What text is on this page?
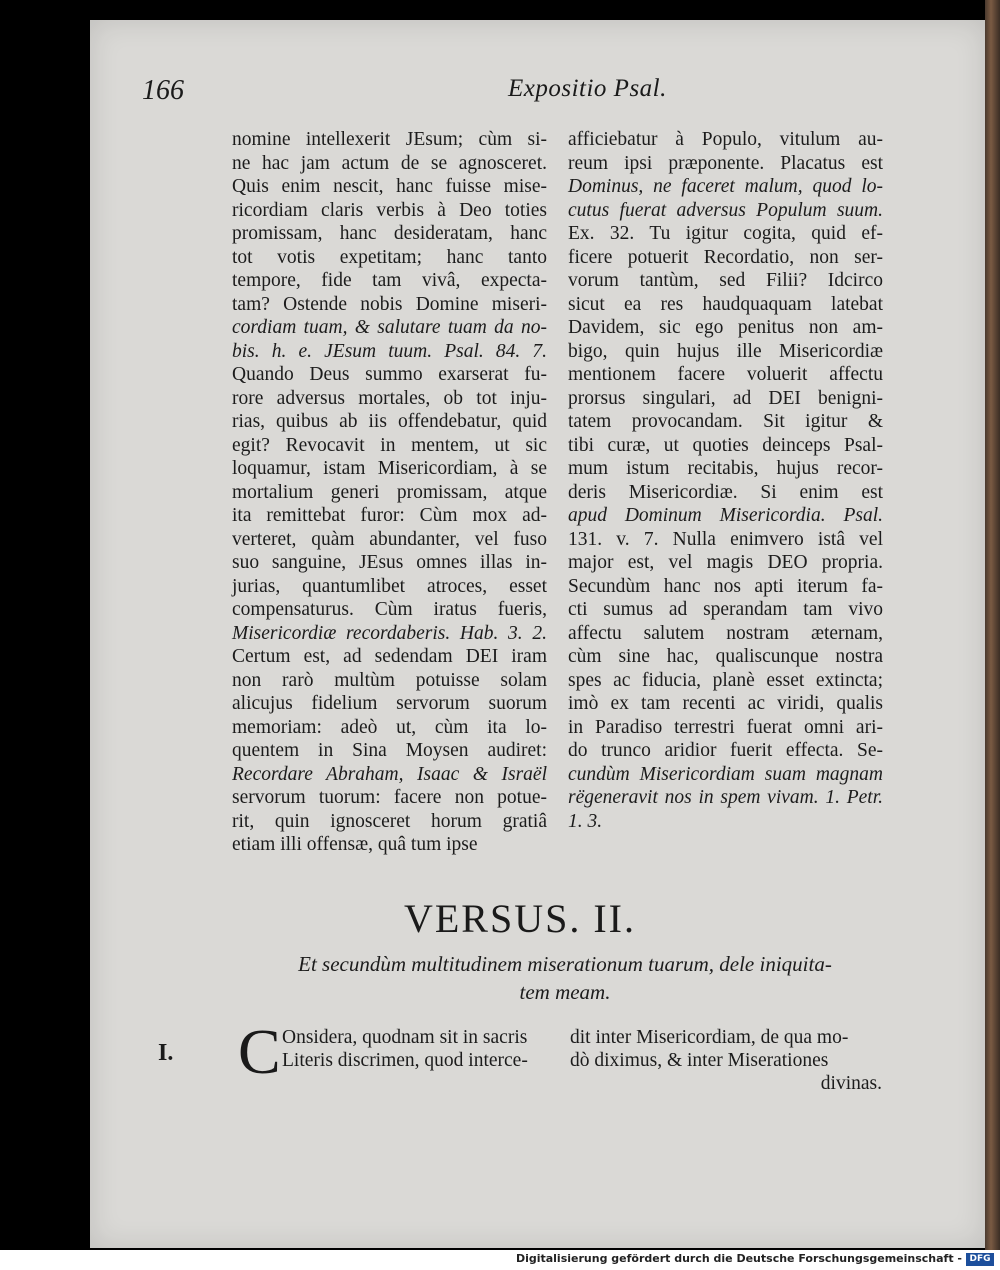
166	Expositio Psal.
nomine intellexerit JEsum; cùm si-
ne hac jam actum de se agnosceret.
Quis enim nescit, hanc fuisse mise-
ricordiam claris verbis à Deo toties
promissam, hanc desideratam, hanc
tot votis expetitam; hanc tanto
tempore, fide tam vivâ, expecta-
tam? Ostende nobis Domine miseri-
cordiam tuam, & salutare tuam da no-
bis. h. e. JEsum tuum. Psal. 84. 7.
Quando Deus summo exarserat fu-
rore adversus mortales, ob tot inju-
rias, quibus ab iis offendebatur, quid
egit? Revocavit in mentem, ut sic
loquamur, istam Misericordiam, à se
mortalium generi promissam, atque
ita remittebat furor: Cùm mox ad-
verteret, quàm abundanter, vel fuso
suo sanguine, JEsus omnes illas in-
jurias, quantumlibet atroces, esset
compensaturus. Cùm iratus fueris,
Misericordiæ recordaberis. Hab. 3. 2.
Certum est, ad sedendam DEI iram
non rarò multùm potuisse solam
alicujus fidelium servorum suorum
memoriam: adeò ut, cùm ita lo-
quentem in Sina Moysen audiret:
Recordare Abraham, Isaac & Israël
servorum tuorum: facere non potue-
rit, quin ignosceret horum gratiâ
etiam illi offensæ, quâ tum ipse
afficiebatur à Populo, vitulum au-
reum ipsi præponente. Placatus est
Dominus, ne faceret malum, quod lo-
cutus fuerat adversus Populum suum.
Ex. 32. Tu igitur cogita, quid ef-
ficere potuerit Recordatio, non ser-
vorum tantùm, sed Filii? Idcirco
sicut ea res haudquaquam latebat
Davidem, sic ego penitus non am-
bigo, quin hujus ille Misericordiæ
mentionem facere voluerit affectu
prorsus singulari, ad DEI benigni-
tatem provocandam. Sit igitur &
tibi curæ, ut quoties deinceps Psal-
mum istum recitabis, hujus recor-
deris Misericordiæ. Si enim est
apud Dominum Misericordia. Psal.
131. v. 7. Nulla enimvero istâ vel
major est, vel magis DEO propria.
Secundùm hanc nos apti iterum fa-
cti sumus ad sperandam tam vivo
affectu salutem nostram æternam,
cùm sine hac, qualiscunque nostra
spes ac fiducia, planè esset extincta;
imò ex tam recenti ac viridi, qualis
in Paradiso terrestri fuerat omni ari-
do trunco aridior fuerit effecta. Se-
cundùm Misericordiam suam magnam
rëgeneravit nos in spem vivam. 1. Petr.
1. 3.
VERSUS. II.
Et secundùm multitudinem miserationum tuarum, dele iniquita-
tem meam.
I. C Onsidera, quodnam sit in sacris
Literis discrimen, quod interce-
dit inter Misericordiam, de qua mo-
dò diximus, & inter Miserationes
divinas.
Digitalisierung gefördert durch die Deutsche Forschungsgemeinschaft - DFG
